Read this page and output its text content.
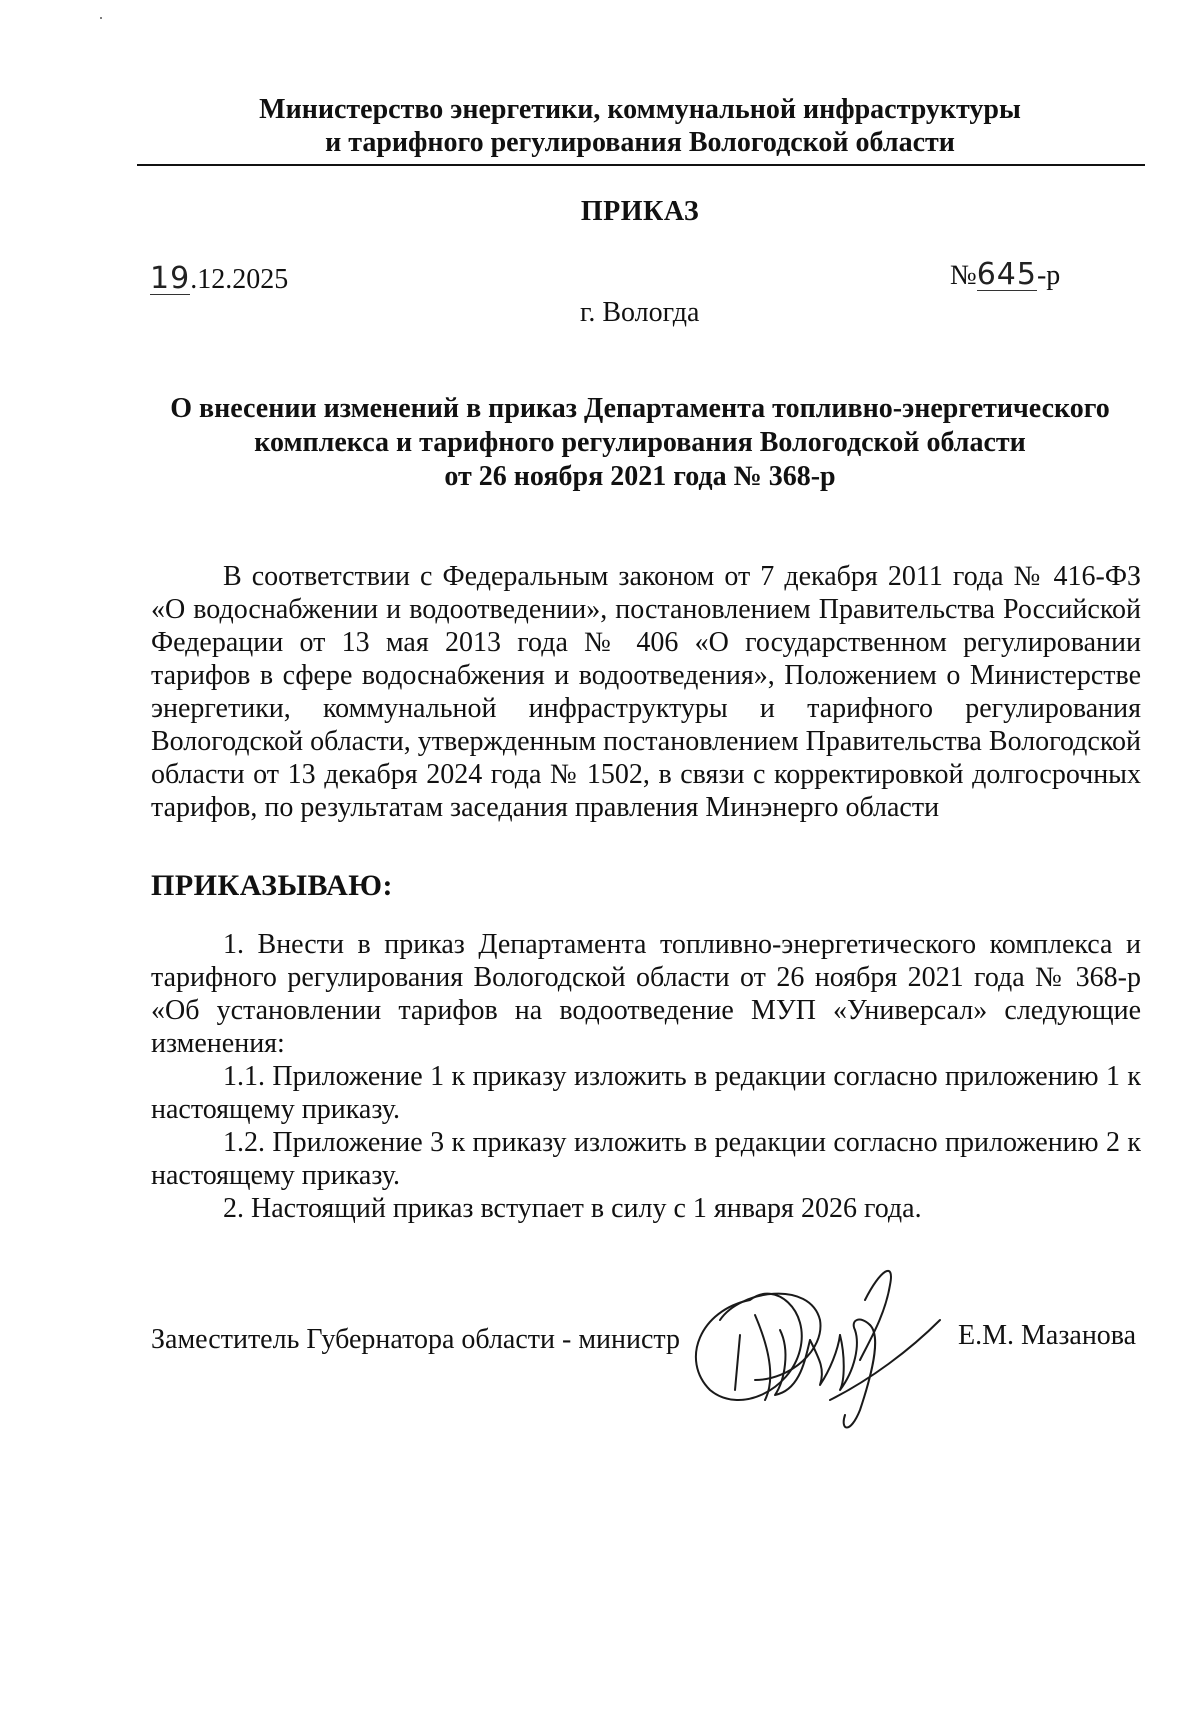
Министерство энергетики, коммунальной инфраструктуры
и тарифного регулирования Вологодской области
ПРИКАЗ
19.12.2025	№645-р
г. Вологда
О внесении изменений в приказ Департамента топливно-энергетического
комплекса и тарифного регулирования Вологодской области
от 26 ноября 2021 года № 368-р
В соответствии с Федеральным законом от 7 декабря 2011 года № 416-ФЗ «О водоснабжении и водоотведении», постановлением Правительства Российской Федерации от 13 мая 2013 года № 406 «О государственном регулировании тарифов в сфере водоснабжения и водоотведения», Положением о Министерстве энергетики, коммунальной инфраструктуры и тарифного регулирования Вологодской области, утвержденным постановлением Правительства Вологодской области от 13 декабря 2024 года № 1502, в связи с корректировкой долгосрочных тарифов, по результатам заседания правления Минэнерго области
ПРИКАЗЫВАЮ:

1. Внести в приказ Департамента топливно-энергетического комплекса и тарифного регулирования Вологодской области от 26 ноября 2021 года № 368-р «Об установлении тарифов на водоотведение МУП «Универсал» следующие изменения:

1.1. Приложение 1 к приказу изложить в редакции согласно приложению 1 к настоящему приказу.

1.2. Приложение 3 к приказу изложить в редакции согласно приложению 2 к настоящему приказу.

2. Настоящий приказ вступает в силу с 1 января 2026 года.

Заместитель Губернатора области - министр	Е.М. Мазанова
